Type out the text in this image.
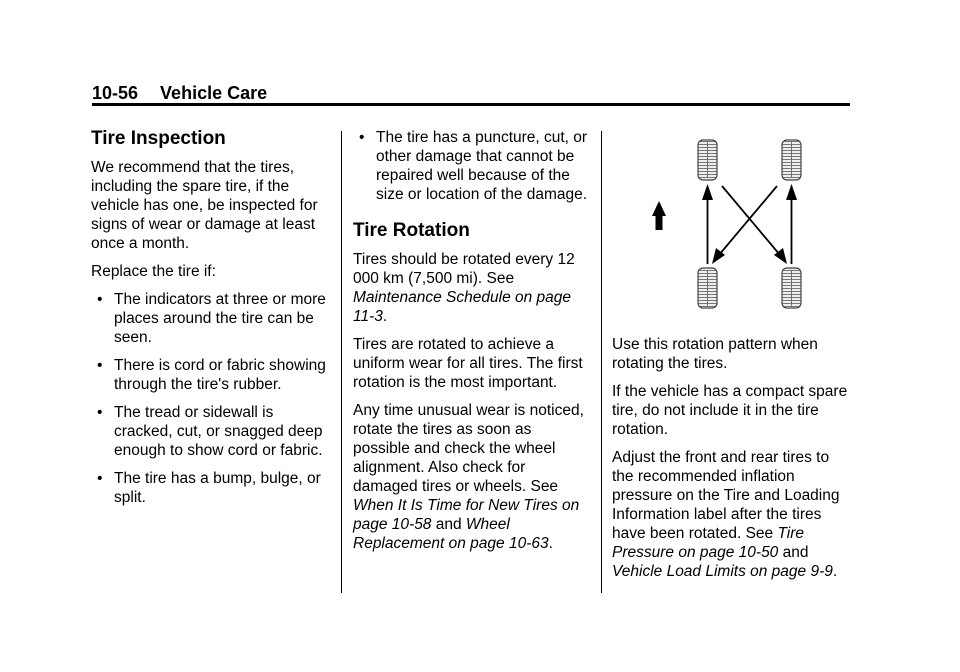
10-56 Vehicle Care
Tire Inspection

We recommend that the tires, including the spare tire, if the vehicle has one, be inspected for signs of wear or damage at least once a month.

Replace the tire if:

• The indicators at three or more places around the tire can be seen.
• There is cord or fabric showing through the tire's rubber.
• The tread or sidewall is cracked, cut, or snagged deep enough to show cord or fabric.
• The tire has a bump, bulge, or split.
• The tire has a puncture, cut, or other damage that cannot be repaired well because of the size or location of the damage.
Tire Rotation

Tires should be rotated every 12 000 km (7,500 mi). See Maintenance Schedule on page 11-3.

Tires are rotated to achieve a uniform wear for all tires. The first rotation is the most important.

Any time unusual wear is noticed, rotate the tires as soon as possible and check the wheel alignment. Also check for damaged tires or wheels. See When It Is Time for New Tires on page 10-58 and Wheel Replacement on page 10-63.

Use this rotation pattern when rotating the tires.

If the vehicle has a compact spare tire, do not include it in the tire rotation.

Adjust the front and rear tires to the recommended inflation pressure on the Tire and Loading Information label after the tires have been rotated. See Tire Pressure on page 10-50 and Vehicle Load Limits on page 9-9.
